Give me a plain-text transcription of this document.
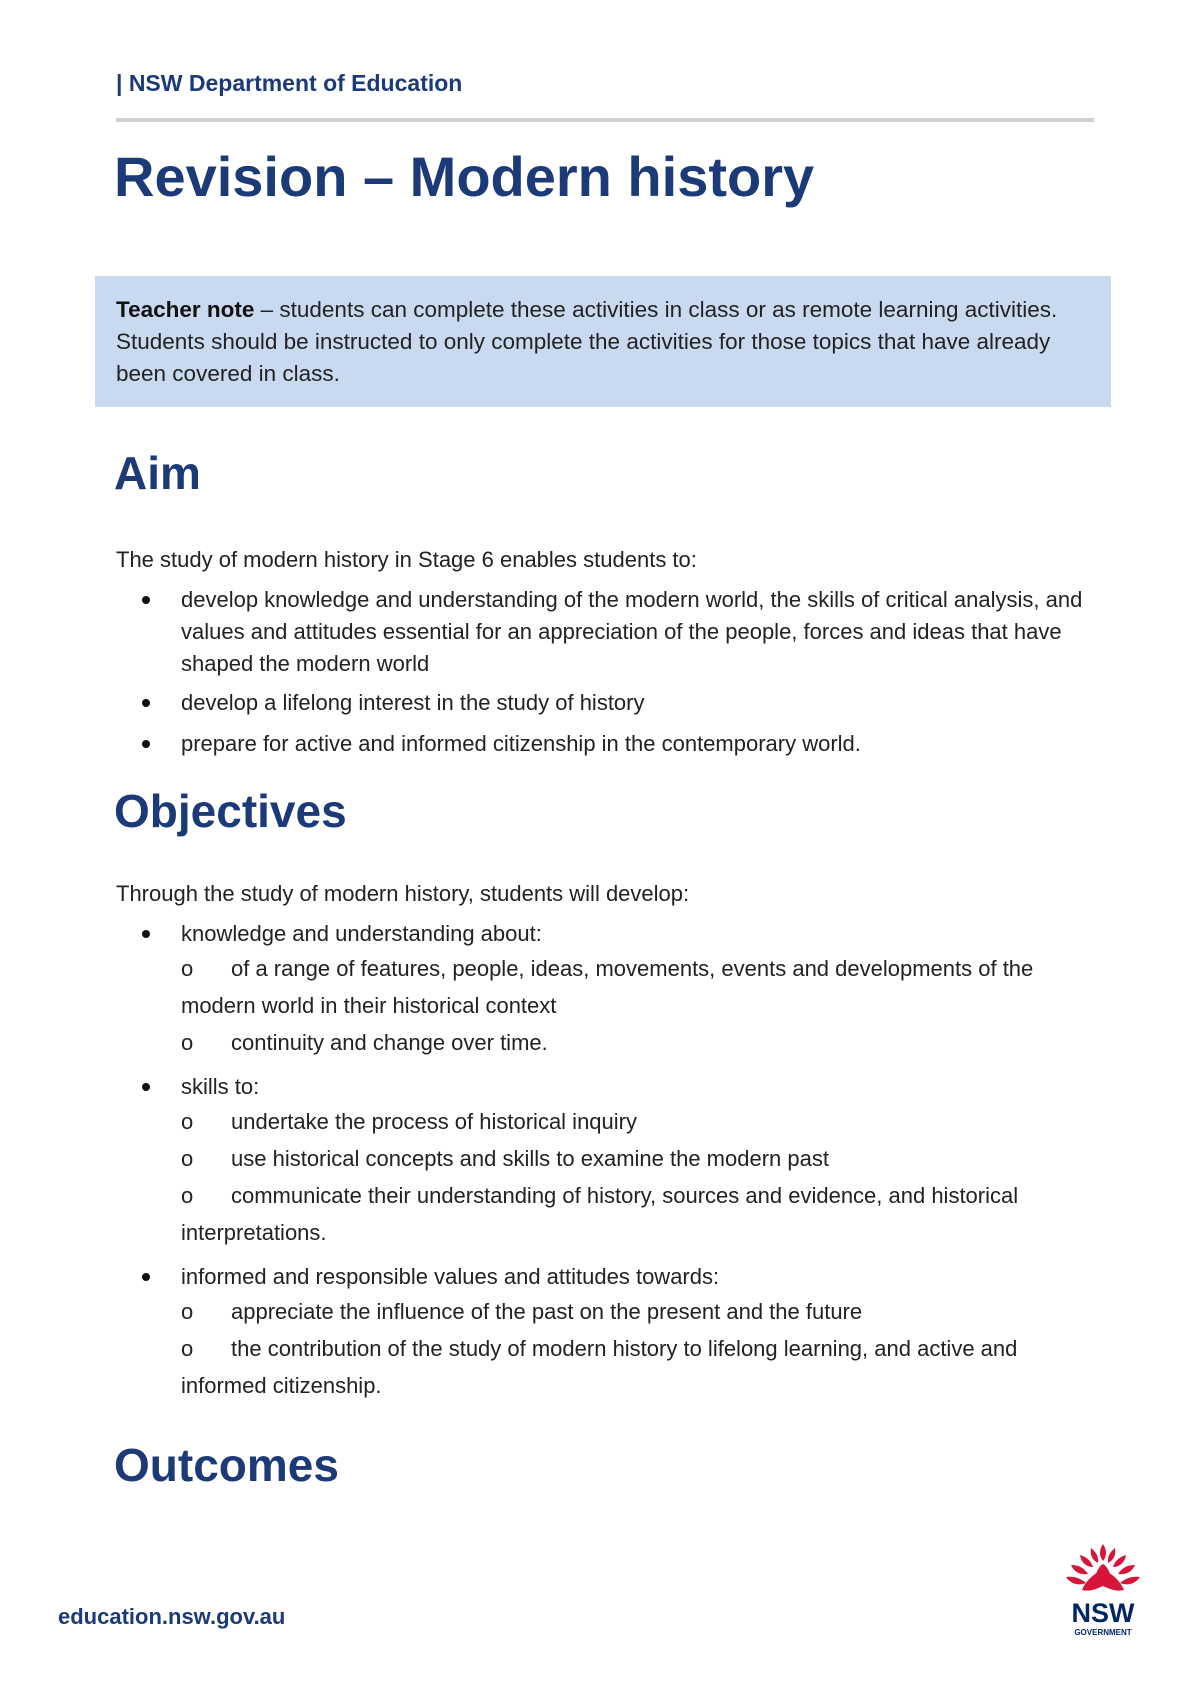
| NSW Department of Education
Revision – Modern history
Teacher note – students can complete these activities in class or as remote learning activities. Students should be instructed to only complete the activities for those topics that have already been covered in class.
Aim
The study of modern history in Stage 6 enables students to:
develop knowledge and understanding of the modern world, the skills of critical analysis, and values and attitudes essential for an appreciation of the people, forces and ideas that have shaped the modern world
develop a lifelong interest in the study of history
prepare for active and informed citizenship in the contemporary world.
Objectives
Through the study of modern history, students will develop:
knowledge and understanding about:
o of a range of features, people, ideas, movements, events and developments of the modern world in their historical context
o continuity and change over time.
skills to:
o undertake the process of historical inquiry
o use historical concepts and skills to examine the modern past
o communicate their understanding of history, sources and evidence, and historical interpretations.
informed and responsible values and attitudes towards:
o appreciate the influence of the past on the present and the future
o the contribution of the study of modern history to lifelong learning, and active and informed citizenship.
Outcomes
education.nsw.gov.au	NSW
GOVERNMENT
